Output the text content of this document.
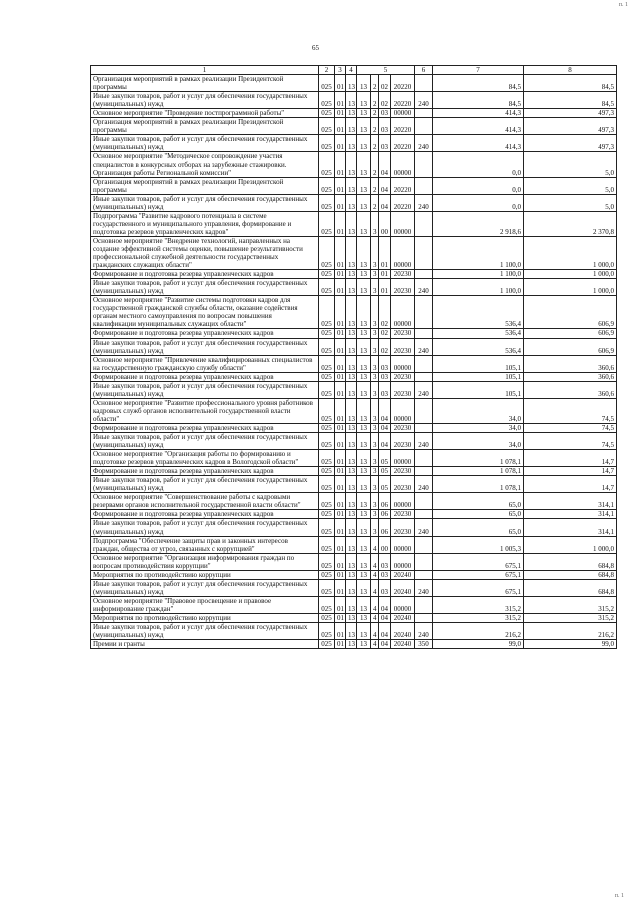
п. 1
65
1	2	3	4	5				6	7	8
Организация мероприятий в рамках реализации Президентской программы	025	01	13	13	2	02	20220		84,5	84,5
Иные закупки товаров, работ и услуг для обеспечения государственных (муниципальных) нужд	025	01	13	13	2	02	20220	240	84,5	84,5
Основное мероприятие "Проведение постпрограммной работы"	025	01	13	13	2	03	00000		414,3	497,3
Организация мероприятий в рамках реализации Президентской программы	025	01	13	13	2	03	20220		414,3	497,3
Иные закупки товаров, работ и услуг для обеспечения государственных (муниципальных) нужд	025	01	13	13	2	03	20220	240	414,3	497,3
Основное мероприятие "Методическое сопровождение участия специалистов в конкурсных отборах на зарубежные стажировки. Организация работы Региональной комиссии"	025	01	13	13	2	04	00000		0,0	5,0
Организация мероприятий в рамках реализации Президентской программы	025	01	13	13	2	04	20220		0,0	5,0
Иные закупки товаров, работ и услуг для обеспечения государственных (муниципальных) нужд	025	01	13	13	2	04	20220	240	0,0	5,0
Подпрограмма "Развитие кадрового потенциала в системе государственного и муниципального управления, формирование и подготовка резервов управленческих кадров"	025	01	13	13	3	00	00000		2 918,6	2 370,8
Основное мероприятие "Внедрение технологий, направленных на создание эффективной системы оценки, повышение результативности профессиональной служебной деятельности государственных гражданских служащих области"	025	01	13	13	3	01	00000		1 100,0	1 000,0
Формирование и подготовка резерва управленческих кадров	025	01	13	13	3	01	20230		1 100,0	1 000,0
Иные закупки товаров, работ и услуг для обеспечения государственных (муниципальных) нужд	025	01	13	13	3	01	20230	240	1 100,0	1 000,0
Основное мероприятие "Развитие системы подготовки кадров для государственной гражданской службы области, оказание содействия органам местного самоуправления по вопросам повышения квалификации муниципальных служащих области"	025	01	13	13	3	02	00000		536,4	606,9
Формирование и подготовка резерва управленческих кадров	025	01	13	13	3	02	20230		536,4	606,9
Иные закупки товаров, работ и услуг для обеспечения государственных (муниципальных) нужд	025	01	13	13	3	02	20230	240	536,4	606,9
Основное мероприятие "Привлечение квалифицированных специалистов на государственную гражданскую службу области"	025	01	13	13	3	03	00000		105,1	360,6
Формирование и подготовка резерва управленческих кадров	025	01	13	13	3	03	20230		105,1	360,6
Иные закупки товаров, работ и услуг для обеспечения государственных (муниципальных) нужд	025	01	13	13	3	03	20230	240	105,1	360,6
Основное мероприятие "Развитие профессионального уровня работников кадровых служб органов исполнительной государственной власти области"	025	01	13	13	3	04	00000		34,0	74,5
Формирование и подготовка резерва управленческих кадров	025	01	13	13	3	04	20230		34,0	74,5
Иные закупки товаров, работ и услуг для обеспечения государственных (муниципальных) нужд	025	01	13	13	3	04	20230	240	34,0	74,5
Основное мероприятие "Организация работы по формированию и подготовке резервов управленческих кадров в Вологодской области"	025	01	13	13	3	05	00000		1 078,1	14,7
Формирование и подготовка резерва управленческих кадров	025	01	13	13	3	05	20230		1 078,1	14,7
Иные закупки товаров, работ и услуг для обеспечения государственных (муниципальных) нужд	025	01	13	13	3	05	20230	240	1 078,1	14,7
Основное мероприятие "Совершенствование работы с кадровыми резервами органов исполнительной государственной власти области"	025	01	13	13	3	06	00000		65,0	314,1
Формирование и подготовка резерва управленческих кадров	025	01	13	13	3	06	20230		65,0	314,1
Иные закупки товаров, работ и услуг для обеспечения государственных (муниципальных) нужд	025	01	13	13	3	06	20230	240	65,0	314,1
Подпрограмма "Обеспечение защиты прав и законных интересов граждан, общества от угроз, связанных с коррупцией"	025	01	13	13	4	00	00000		1 005,3	1 000,0
Основное мероприятие "Организация информирования граждан по вопросам противодействия коррупции"	025	01	13	13	4	03	00000		675,1	684,8
Мероприятия по противодействию коррупции	025	01	13	13	4	03	20240		675,1	684,8
Иные закупки товаров, работ и услуг для обеспечения государственных (муниципальных) нужд	025	01	13	13	4	03	20240	240	675,1	684,8
Основное мероприятие "Правовое просвещение и правовое информирование граждан"	025	01	13	13	4	04	00000		315,2	315,2
Мероприятия по противодействию коррупции	025	01	13	13	4	04	20240		315,2	315,2
Иные закупки товаров, работ и услуг для обеспечения государственных (муниципальных) нужд	025	01	13	13	4	04	20240	240	216,2	216,2
Премии и гранты	025	01	13	13	4	04	20240	350	99,0	99,0
п. 1
